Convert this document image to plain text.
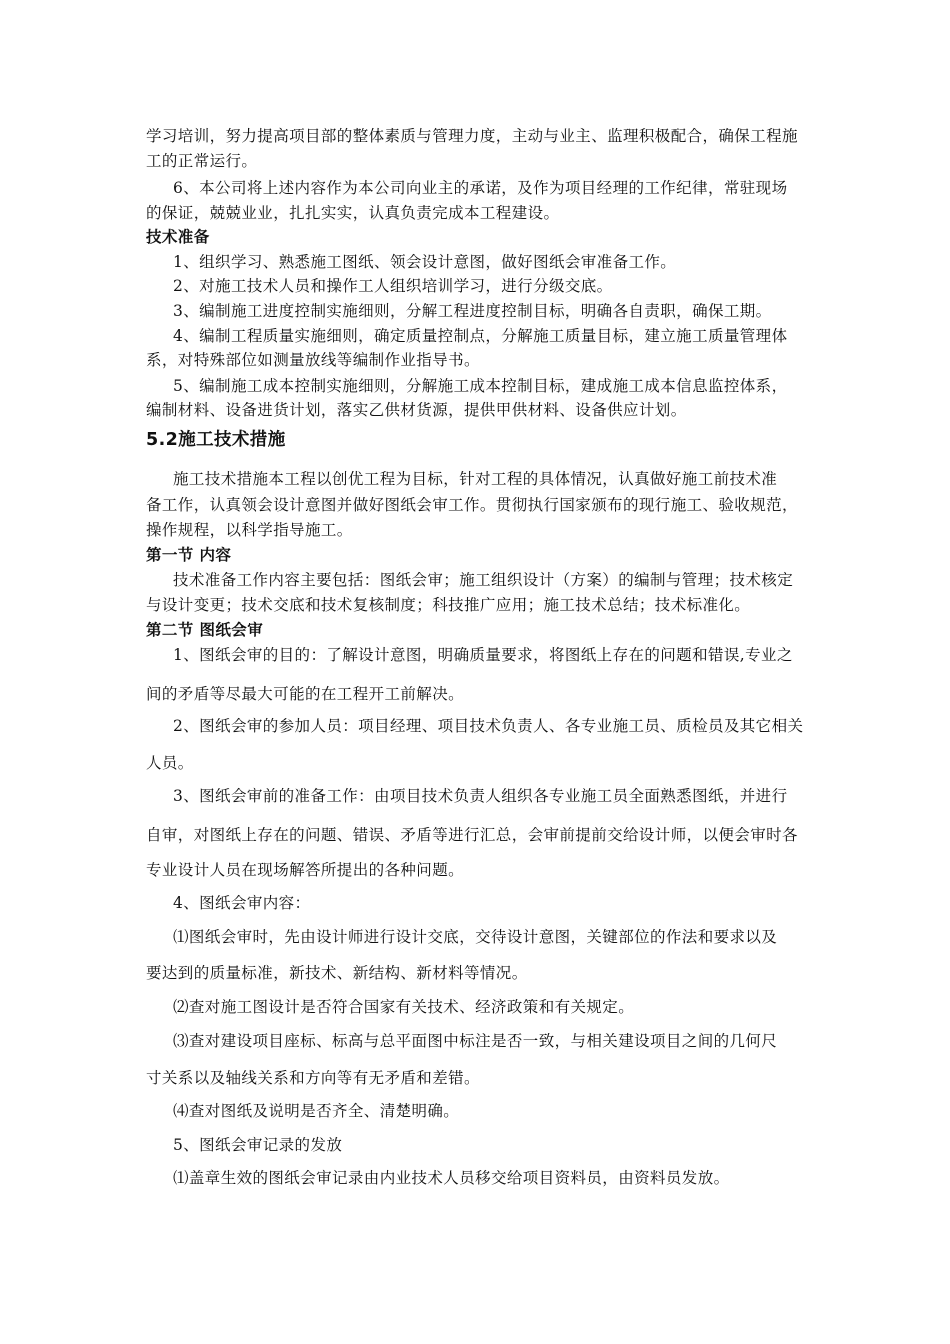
学习培训，努力提高项目部的整体素质与管理力度，主动与业主、监理积极配合，确保工程施
工的正常运行。
6、本公司将上述内容作为本公司向业主的承诺，及作为项目经理的工作纪律，常驻现场
的保证，兢兢业业，扎扎实实，认真负责完成本工程建设。
技术准备
1、组织学习、熟悉施工图纸、领会设计意图，做好图纸会审准备工作。
2、对施工技术人员和操作工人组织培训学习，进行分级交底。
3、编制施工进度控制实施细则，分解工程进度控制目标，明确各自责职，确保工期。
4、编制工程质量实施细则，确定质量控制点，分解施工质量目标，建立施工质量管理体
系，对特殊部位如测量放线等编制作业指导书。
5、编制施工成本控制实施细则，分解施工成本控制目标，建成施工成本信息监控体系，
编制材料、设备进货计划，落实乙供材货源，提供甲供材料、设备供应计划。
5.2施工技术措施
施工技术措施本工程以创优工程为目标，针对工程的具体情况，认真做好施工前技术准
备工作，认真领会设计意图并做好图纸会审工作。贯彻执行国家颁布的现行施工、验收规范，
操作规程，以科学指导施工。
第一节 内容
技术准备工作内容主要包括：图纸会审；施工组织设计（方案）的编制与管理；技术核定
与设计变更；技术交底和技术复核制度；科技推广应用；施工技术总结；技术标准化。
第二节 图纸会审
1、图纸会审的目的：了解设计意图，明确质量要求，将图纸上存在的问题和错误,专业之
间的矛盾等尽最大可能的在工程开工前解决。
2、图纸会审的参加人员：项目经理、项目技术负责人、各专业施工员、质检员及其它相关
人员。
3、图纸会审前的准备工作：由项目技术负责人组织各专业施工员全面熟悉图纸，并进行
自审，对图纸上存在的问题、错误、矛盾等进行汇总，会审前提前交给设计师，以便会审时各
专业设计人员在现场解答所提出的各种问题。
4、图纸会审内容：
⑴图纸会审时，先由设计师进行设计交底，交待设计意图，关键部位的作法和要求以及
要达到的质量标准，新技术、新结构、新材料等情况。
⑵查对施工图设计是否符合国家有关技术、经济政策和有关规定。
⑶查对建设项目座标、标高与总平面图中标注是否一致，与相关建设项目之间的几何尺
寸关系以及轴线关系和方向等有无矛盾和差错。
⑷查对图纸及说明是否齐全、清楚明确。
5、图纸会审记录的发放
⑴盖章生效的图纸会审记录由内业技术人员移交给项目资料员，由资料员发放。
